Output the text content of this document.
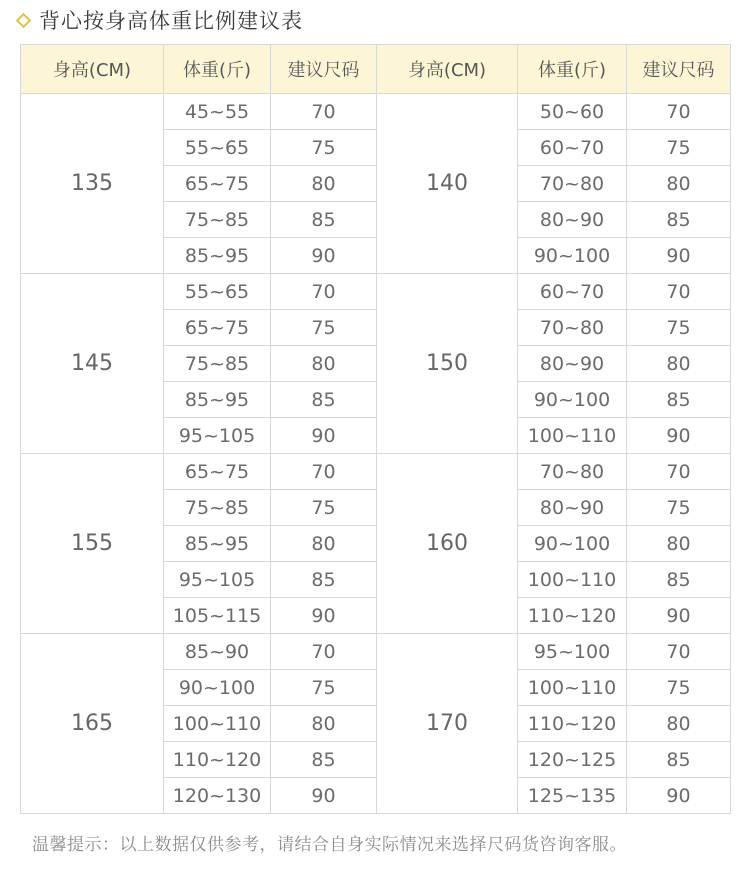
背心按身高体重比例建议表
身高(CM)	体重(斤)	建议尺码	身高(CM)	体重(斤)	建议尺码
135	45~55	70	140	50~60	70
	55~65	75		60~70	75
	65~75	80		70~80	80
	75~85	85		80~90	85
	85~95	90		90~100	90
145	55~65	70	150	60~70	70
	65~75	75		70~80	75
	75~85	80		80~90	80
	85~95	85		90~100	85
	95~105	90		100~110	90
155	65~75	70	160	70~80	70
	75~85	75		80~90	75
	85~95	80		90~100	80
	95~105	85		100~110	85
	105~115	90		110~120	90
165	85~90	70	170	95~100	70
	90~100	75		100~110	75
	100~110	80		110~120	80
	110~120	85		120~125	85
	120~130	90		125~135	90
温馨提示：以上数据仅供参考，请结合自身实际情况来选择尺码货咨询客服。
